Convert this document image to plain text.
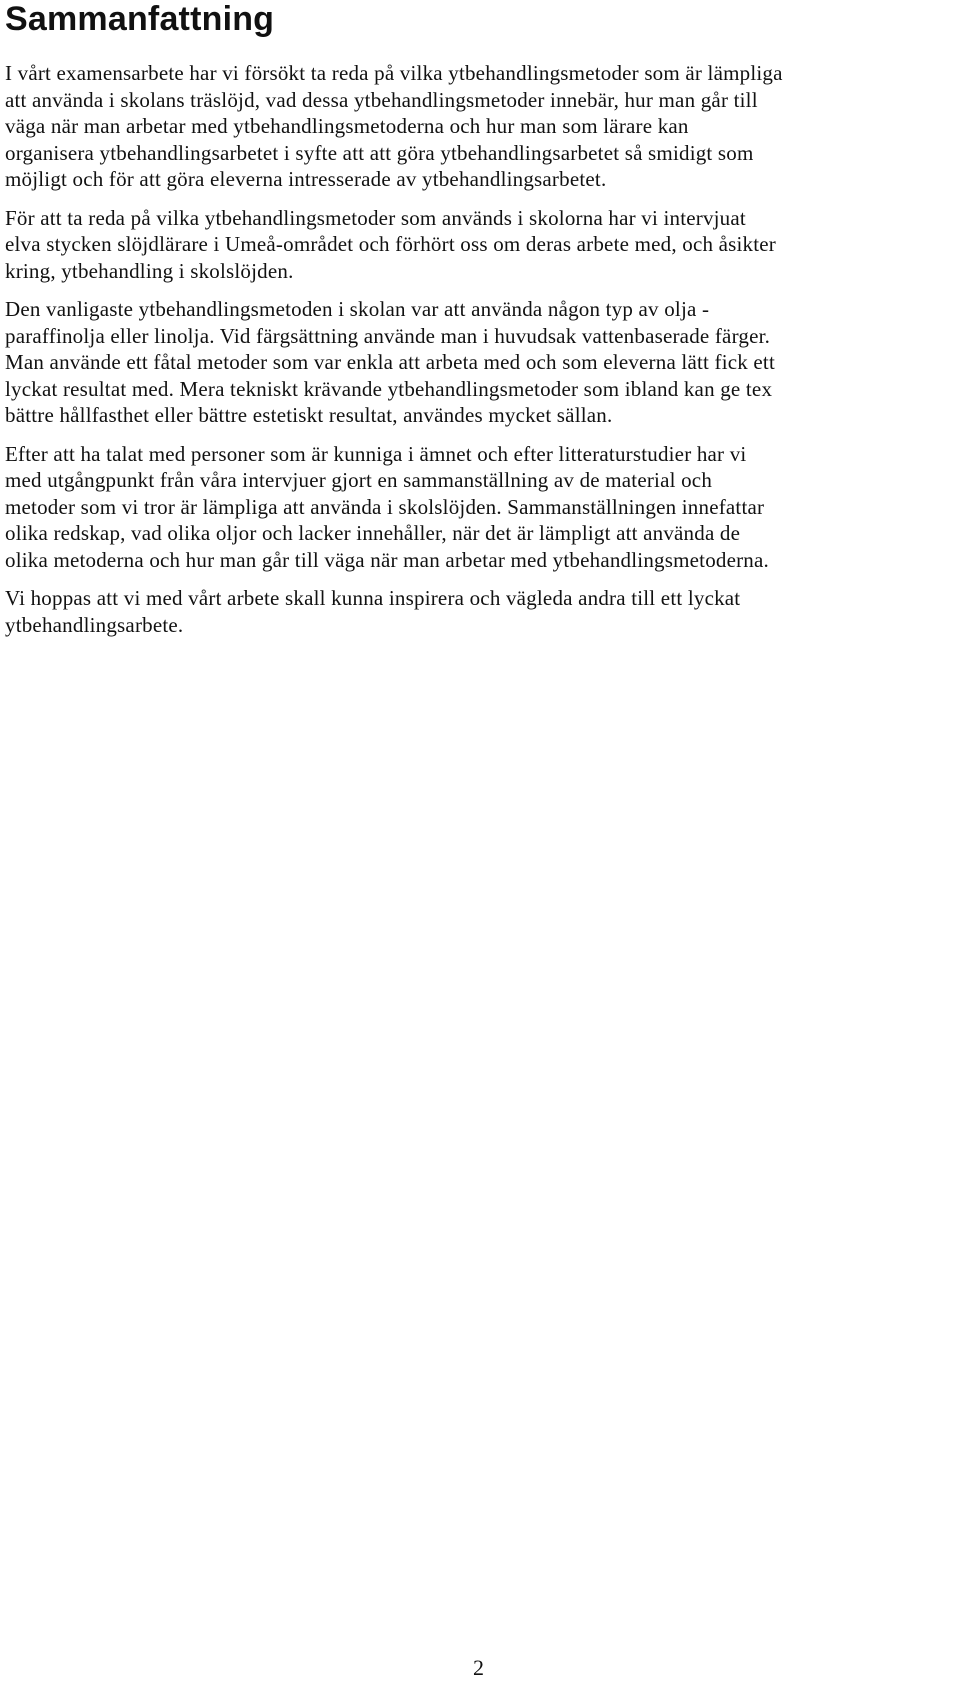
Sammanfattning

I vårt examensarbete har vi försökt ta reda på vilka ytbehandlingsmetoder som är lämpliga
att använda i skolans träslöjd, vad dessa ytbehandlingsmetoder innebär, hur man går till
väga när man arbetar med ytbehandlingsmetoderna och hur man som lärare kan
organisera ytbehandlingsarbetet i syfte att att göra ytbehandlingsarbetet så smidigt som
möjligt och för att göra eleverna intresserade av ytbehandlingsarbetet.

För att ta reda på vilka ytbehandlingsmetoder som används i skolorna har vi intervjuat
elva stycken slöjdlärare i Umeå-området och förhört oss om deras arbete med, och åsikter
kring, ytbehandling i skolslöjden.

Den vanligaste ytbehandlingsmetoden i skolan var att använda någon typ av olja -
paraffinolja eller linolja. Vid färgsättning använde man i huvudsak vattenbaserade färger.
Man använde ett fåtal metoder som var enkla att arbeta med och som eleverna lätt fick ett
lyckat resultat med. Mera tekniskt krävande ytbehandlingsmetoder som ibland kan ge tex
bättre hållfasthet eller bättre estetiskt resultat, användes mycket sällan.

Efter att ha talat med personer som är kunniga i ämnet och efter litteraturstudier har vi
med utgångpunkt från våra intervjuer gjort en sammanställning av de material och
metoder som vi tror är lämpliga att använda i skolslöjden. Sammanställningen innefattar
olika redskap, vad olika oljor och lacker innehåller, när det är lämpligt att använda de
olika metoderna och hur man går till väga när man arbetar med ytbehandlingsmetoderna.

Vi hoppas att vi med vårt arbete skall kunna inspirera och vägleda andra till ett lyckat
ytbehandlingsarbete.

2
